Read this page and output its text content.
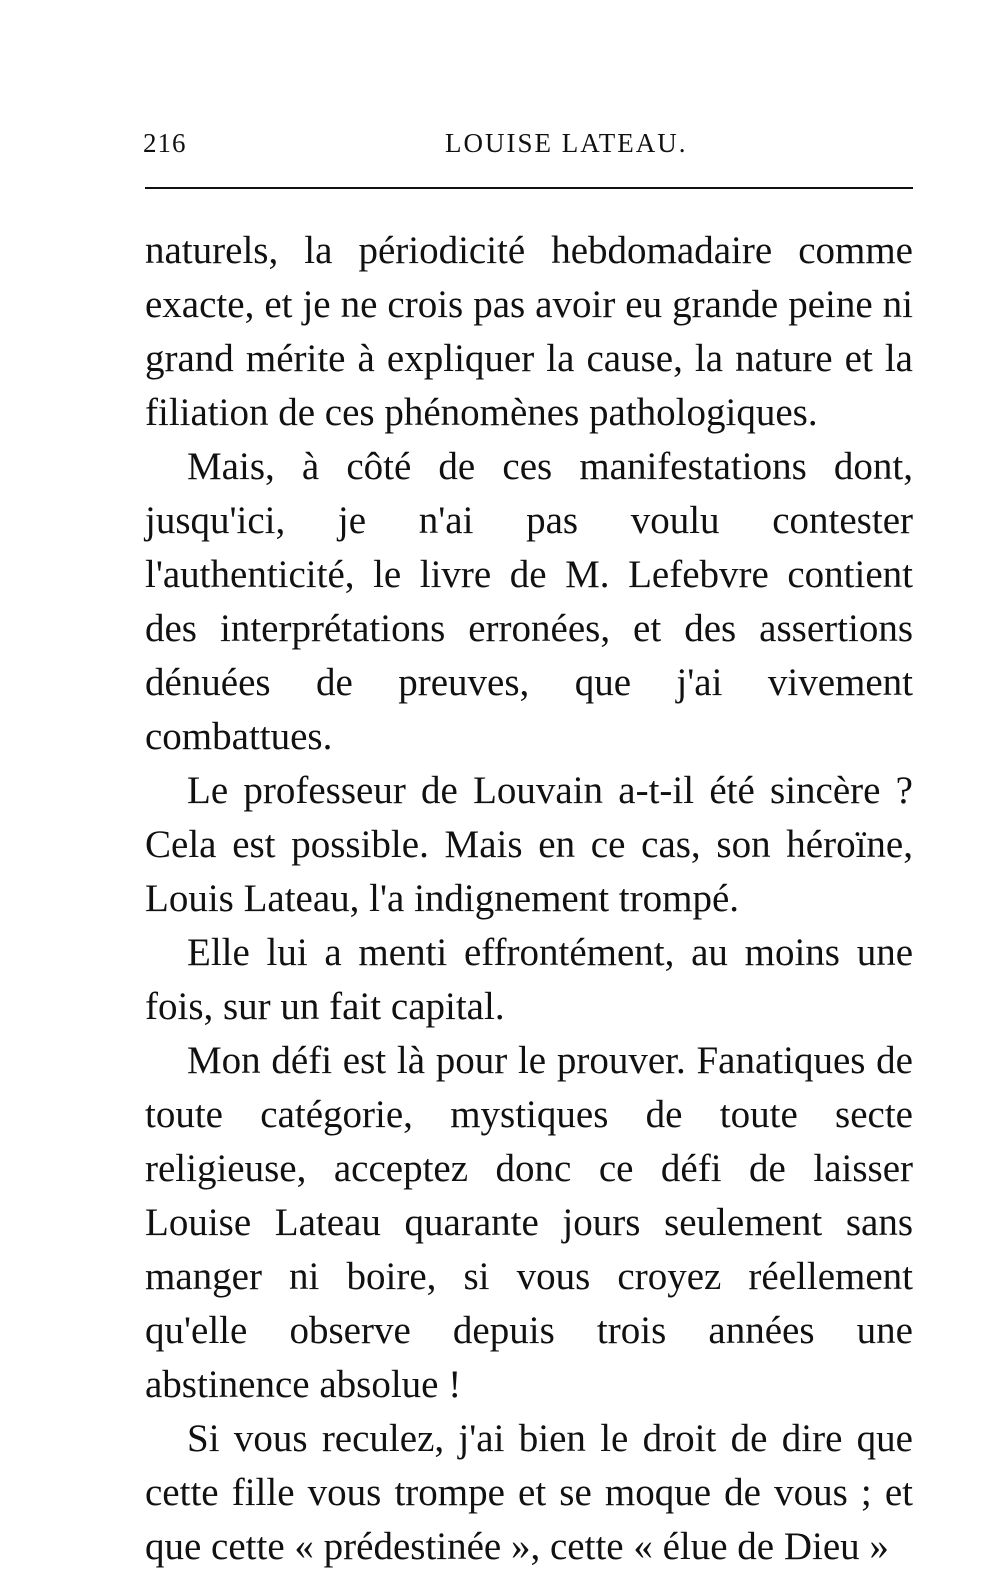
216	LOUISE LATEAU.

naturels, la périodicité hebdomadaire comme exacte, et je ne crois pas avoir eu grande peine ni grand mérite à expliquer la cause, la nature et la filiation de ces phénomènes pathologiques.

Mais, à côté de ces manifestations dont, jusqu'ici, je n'ai pas voulu contester l'authenticité, le livre de M. Lefebvre contient des interprétations erronées, et des assertions dénuées de preuves, que j'ai vivement combattues.

Le professeur de Louvain a-t-il été sincère ? Cela est possible. Mais en ce cas, son héroïne, Louis Lateau, l'a indignement trompé.

Elle lui a menti effrontément, au moins une fois, sur un fait capital.

Mon défi est là pour le prouver. Fanatiques de toute catégorie, mystiques de toute secte religieuse, acceptez donc ce défi de laisser Louise Lateau quarante jours seulement sans manger ni boire, si vous croyez réellement qu'elle observe depuis trois années une abstinence absolue !

Si vous reculez, j'ai bien le droit de dire que cette fille vous trompe et se moque de vous ; et que cette « prédestinée », cette « élue de Dieu »
